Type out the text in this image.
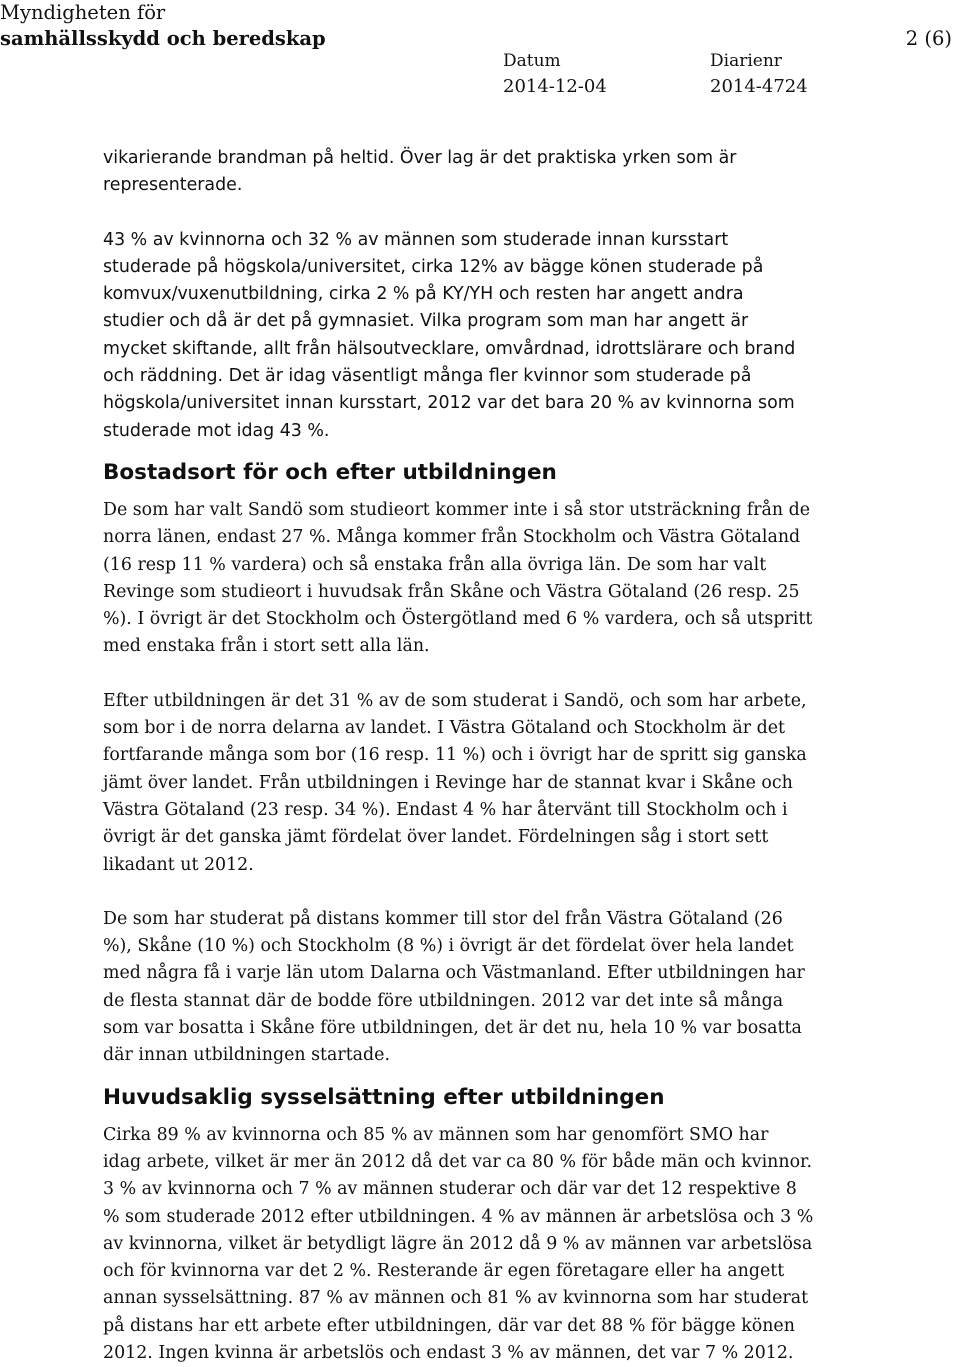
Myndigheten för
samhällsskydd och beredskap	2 (6)
Datum
2014-12-04
Diarienr
2014-4724
vikarierande brandman på heltid. Över lag är det praktiska yrken som är
representerade.
43 % av kvinnorna och 32 % av männen som studerade innan kursstart
studerade på högskola/universitet, cirka 12% av bägge könen studerade på
komvux/vuxenutbildning, cirka 2 % på KY/YH och resten har angett andra
studier och då är det på gymnasiet. Vilka program som man har angett är
mycket skiftande, allt från hälsoutvecklare, omvårdnad, idrottslärare och brand
och räddning. Det är idag väsentligt många fler kvinnor som studerade på
högskola/universitet innan kursstart, 2012 var det bara 20 % av kvinnorna som
studerade mot idag 43 %.
Bostadsort för och efter utbildningen
De som har valt Sandö som studieort kommer inte i så stor utsträckning från de
norra länen, endast 27 %. Många kommer från Stockholm och Västra Götaland
(16 resp 11 % vardera) och så enstaka från alla övriga län. De som har valt
Revinge som studieort i huvudsak från Skåne och Västra Götaland (26 resp. 25
%). I övrigt är det Stockholm och Östergötland med 6 % vardera, och så utspritt
med enstaka från i stort sett alla län.
Efter utbildningen är det 31 % av de som studerat i Sandö, och som har arbete,
som bor i de norra delarna av landet. I Västra Götaland och Stockholm är det
fortfarande många som bor (16 resp. 11 %) och i övrigt har de spritt sig ganska
jämt över landet. Från utbildningen i Revinge har de stannat kvar i Skåne och
Västra Götaland (23 resp. 34 %). Endast 4 % har återvänt till Stockholm och i
övrigt är det ganska jämt fördelat över landet. Fördelningen såg i stort sett
likadant ut 2012.
De som har studerat på distans kommer till stor del från Västra Götaland (26
%), Skåne (10 %) och Stockholm (8 %) i övrigt är det fördelat över hela landet
med några få i varje län utom Dalarna och Västmanland. Efter utbildningen har
de flesta stannat där de bodde före utbildningen. 2012 var det inte så många
som var bosatta i Skåne före utbildningen, det är det nu, hela 10 % var bosatta
där innan utbildningen startade.
Huvudsaklig sysselsättning efter utbildningen
Cirka 89 % av kvinnorna och 85 % av männen som har genomfört SMO har
idag arbete, vilket är mer än 2012 då det var ca 80 % för både män och kvinnor.
3 % av kvinnorna och 7 % av männen studerar och där var det 12 respektive 8
% som studerade 2012 efter utbildningen. 4 % av männen är arbetslösa och 3 %
av kvinnorna, vilket är betydligt lägre än 2012 då 9 % av männen var arbetslösa
och för kvinnorna var det 2 %. Resterande är egen företagare eller ha angett
annan sysselsättning. 87 % av männen och 81 % av kvinnorna som har studerat
på distans har ett arbete efter utbildningen, där var det 88 % för bägge könen
2012. Ingen kvinna är arbetslös och endast 3 % av männen, det var 7 % 2012.
